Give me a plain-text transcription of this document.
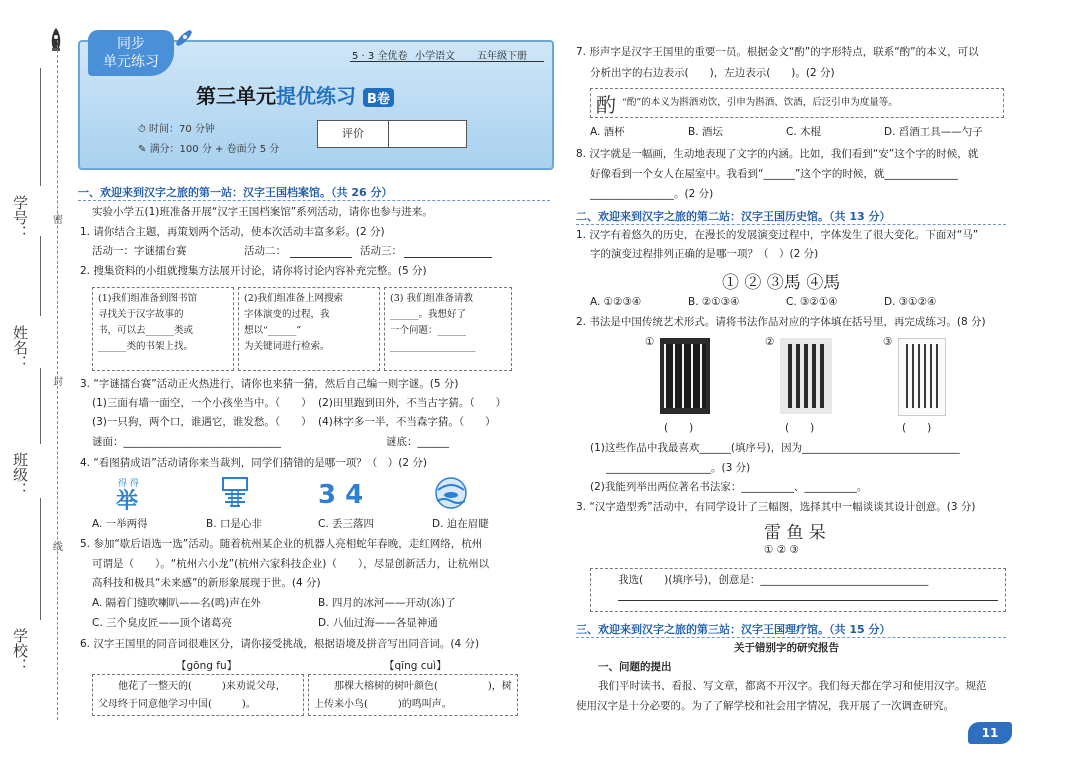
学号：
姓名：
班级：
学校：
密
封
线
同步
单元练习	5 · 3 全优卷 小学语文 五年级下册
第三单元提优练习 B卷
⏱ 时间：70 分钟
✎ 满分：100 分 + 卷面分 5 分
评价
一、欢迎来到汉字之旅的第一站：汉字王国档案馆。（共 26 分）
实验小学五(1)班准备开展“汉字王国档案馆”系列活动，请你也参与进来。
1. 请你结合主题，再策划两个活动，使本次活动丰富多彩。(2 分)
活动一：字谜擂台赛	活动二：	活动三：
2. 搜集资料的小组就搜集方法展开讨论，请你将讨论内容补充完整。(5 分)
(1)我们组准备到图书馆
寻找关于汉字故事的
书，可以去______类或
______类的书架上找。
(2)我们组准备上网搜索
字体演变的过程，我
想以“______”
为关键词进行检索。
(3) 我们组准备请教
______。我想好了
一个问题：______
__________________
3. “字谜擂台赛”活动正火热进行，请你也来猜一猜，然后自己编一则字谜。(5 分)
(1)三面有墙一面空，一个小孩坐当中。（　　） (2)田里跑到田外，不当古字猜。（　　）
(3)一只狗，两个口，谁遇它，谁发愁。（　　） (4)林字多一半，不当森字猜。（　　）
谜面：______________________________	谜底：______
4. “看图猜成语”活动请你来当裁判，同学们猜错的是哪一项？（　）(2 分)
得 得
举	3 4
A. 一举两得	B. 口是心非	C. 丢三落四	D. 迫在眉睫
5. 参加“歇后语选一选”活动。随着杭州某企业的机器人亮相蛇年春晚，走红网络，杭州
可谓是（　　）。“杭州六小龙”(杭州六家科技企业)（　　），尽显创新活力，让杭州以
高科技和极具“未来感”的新形象展现于世。(4 分)
A. 隔着门缝吹喇叭——名(鸣)声在外	B. 四月的冰河——开动(冻)了
C. 三个臭皮匠——顶个诸葛亮	D. 八仙过海——各显神通
6. 汉字王国里的同音词很难区分，请你接受挑战，根据语境及拼音写出同音词。(4 分)
【gōng fu】	【qīng cuì】
他花了一整天的(　　　)来劝说父母，
父母终于同意他学习中国(　　　)。
那棵大榕树的树叶颜色(　　　　　)，树
上传来小鸟(　　　)的鸣叫声。
7. 形声字是汉字王国里的重要一员。根据金文“酌”的字形特点，联系“酌”的本义，可以
分析出字的右边表示(　　)，左边表示(　　)。(2 分)
酌 “酌”的本义为斟酒劝饮，引申为斟酒、饮酒，后泛引申为度量等。
A. 酒杯	B. 酒坛	C. 木棍	D. 舀酒工具——勺子
8. 汉字就是一幅画，生动地表现了文字的内涵。比如，我们看到“安”这个字的时候，就
好像看到一个女人在屋室中。我看到“______”这个字的时候，就______________
________________。(2 分)
二、欢迎来到汉字之旅的第二站：汉字王国历史馆。（共 13 分）
1. 汉字有着悠久的历史，在漫长的发展演变过程中，字体发生了很大变化。下面对“马”
字的演变过程排列正确的是哪一项？（　）(2 分)
① ② ③馬 ④馬
A. ①②③④	B. ②①③④	C. ③②①④	D. ③①②④
2. 书法是中国传统艺术形式。请将书法作品对应的字体填在括号里，再完成练习。(8 分)
①	②	③
(　　)	(　　)	(　　)
(1)这些作品中我最喜欢______(填序号)，因为______________________________
____________________。(3 分)
(2)我能列举出两位著名书法家：__________、__________。
3. “汉字造型秀”活动中，有同学设计了三幅图，选择其中一幅谈谈其设计创意。(3 分)
雷 鱼 呆
① ② ③
我选(　　)(填序号)，创意是：________________________________
三、欢迎来到汉字之旅的第三站：汉字王国理疗馆。（共 15 分）
关于错别字的研究报告
一、问题的提出
我们平时读书、看报、写文章，都离不开汉字。我们每天都在学习和使用汉字。规范
使用汉字是十分必要的。为了了解学校和社会用字情况，我开展了一次调查研究。
11
